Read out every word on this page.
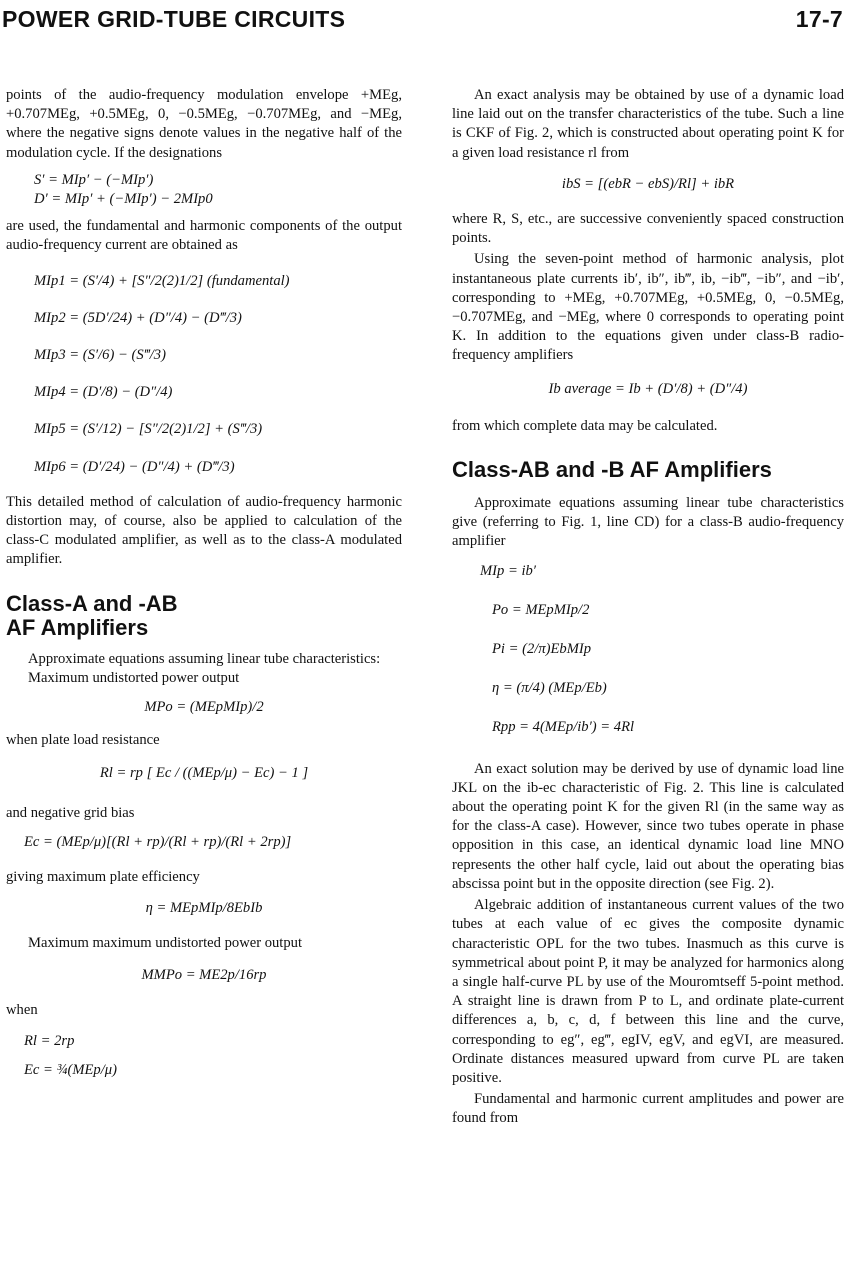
POWER GRID-TUBE CIRCUITS	17-7

points of the audio-frequency modulation envelope +MEg, +0.707MEg, +0.5MEg, 0, −0.5MEg, −0.707MEg, and −MEg, where the negative signs denote values in the negative half of the modulation cycle. If the designations

S′ = MIp′ − (−MIp′)
D′ = MIp′ + (−MIp′) − 2MIp0

are used, the fundamental and harmonic components of the output audio-frequency current are obtained as

MIp1 = (S′/4) + [S″/2(2)1/2] (fundamental)
MIp2 = (5D′/24) + (D″/4) − (D‴/3)
MIp3 = (S′/6) − (S‴/3)
MIp4 = (D′/8) − (D″/4)
MIp5 = (S′/12) − [S″/2(2)1/2] + (S‴/3)
MIp6 = (D′/24) − (D″/4) + (D‴/3)

This detailed method of calculation of audio-frequency harmonic distortion may, of course, also be applied to calculation of the class-C modulated amplifier, as well as to the class-A modulated amplifier.

Class-A and -AB
AF Amplifiers

Approximate equations assuming linear tube characteristics:

Maximum undistorted power output

MPo = (MEpMIp)/2

when plate load resistance

Rl = rp [ Ec / ((MEp/μ) − Ec) − 1 ]

and negative grid bias

Ec = (MEp/μ)[(Rl + rp)/(Rl + rp)/(Rl + 2rp)]

giving maximum plate efficiency

η = MEpMIp/8EbIb

Maximum maximum undistorted power output

MMPo = ME2p/16rp

when

Rl = 2rp
Ec = ¾(MEp/μ)

An exact analysis may be obtained by use of a dynamic load line laid out on the transfer characteristics of the tube. Such a line is CKF of Fig. 2, which is constructed about operating point K for a given load resistance rl from

ibS = [(ebR − ebS)/Rl] + ibR

where R, S, etc., are successive conveniently spaced construction points.

Using the seven-point method of harmonic analysis, plot instantaneous plate currents ib′, ib″, ib‴, ib, −ib‴, −ib″, and −ib′, corresponding to +MEg, +0.707MEg, +0.5MEg, 0, −0.5MEg, −0.707MEg, and −MEg, where 0 corresponds to operating point K. In addition to the equations given under class-B radio-frequency amplifiers

Ib average = Ib + (D′/8) + (D″/4)

from which complete data may be calculated.

Class-AB and -B AF Amplifiers

Approximate equations assuming linear tube characteristics give (referring to Fig. 1, line CD) for a class-B audio-frequency amplifier

MIp = ib′
Po = MEpMIp/2
Pi = (2/π)EbMIp
η = (π/4) (MEp/Eb)
Rpp = 4(MEp/ib′) = 4Rl

An exact solution may be derived by use of dynamic load line JKL on the ib-ec characteristic of Fig. 2. This line is calculated about the operating point K for the given Rl (in the same way as for the class-A case). However, since two tubes operate in phase opposition in this case, an identical dynamic load line MNO represents the other half cycle, laid out about the operating bias abscissa point but in the opposite direction (see Fig. 2).

Algebraic addition of instantaneous current values of the two tubes at each value of ec gives the composite dynamic characteristic OPL for the two tubes. Inasmuch as this curve is symmetrical about point P, it may be analyzed for harmonics along a single half-curve PL by use of the Mouromtseff 5-point method. A straight line is drawn from P to L, and ordinate plate-current differences a, b, c, d, f between this line and the curve, corresponding to eg″, eg‴, egIV, egV, and egVI, are measured. Ordinate distances measured upward from curve PL are taken positive.

Fundamental and harmonic current amplitudes and power are found from
